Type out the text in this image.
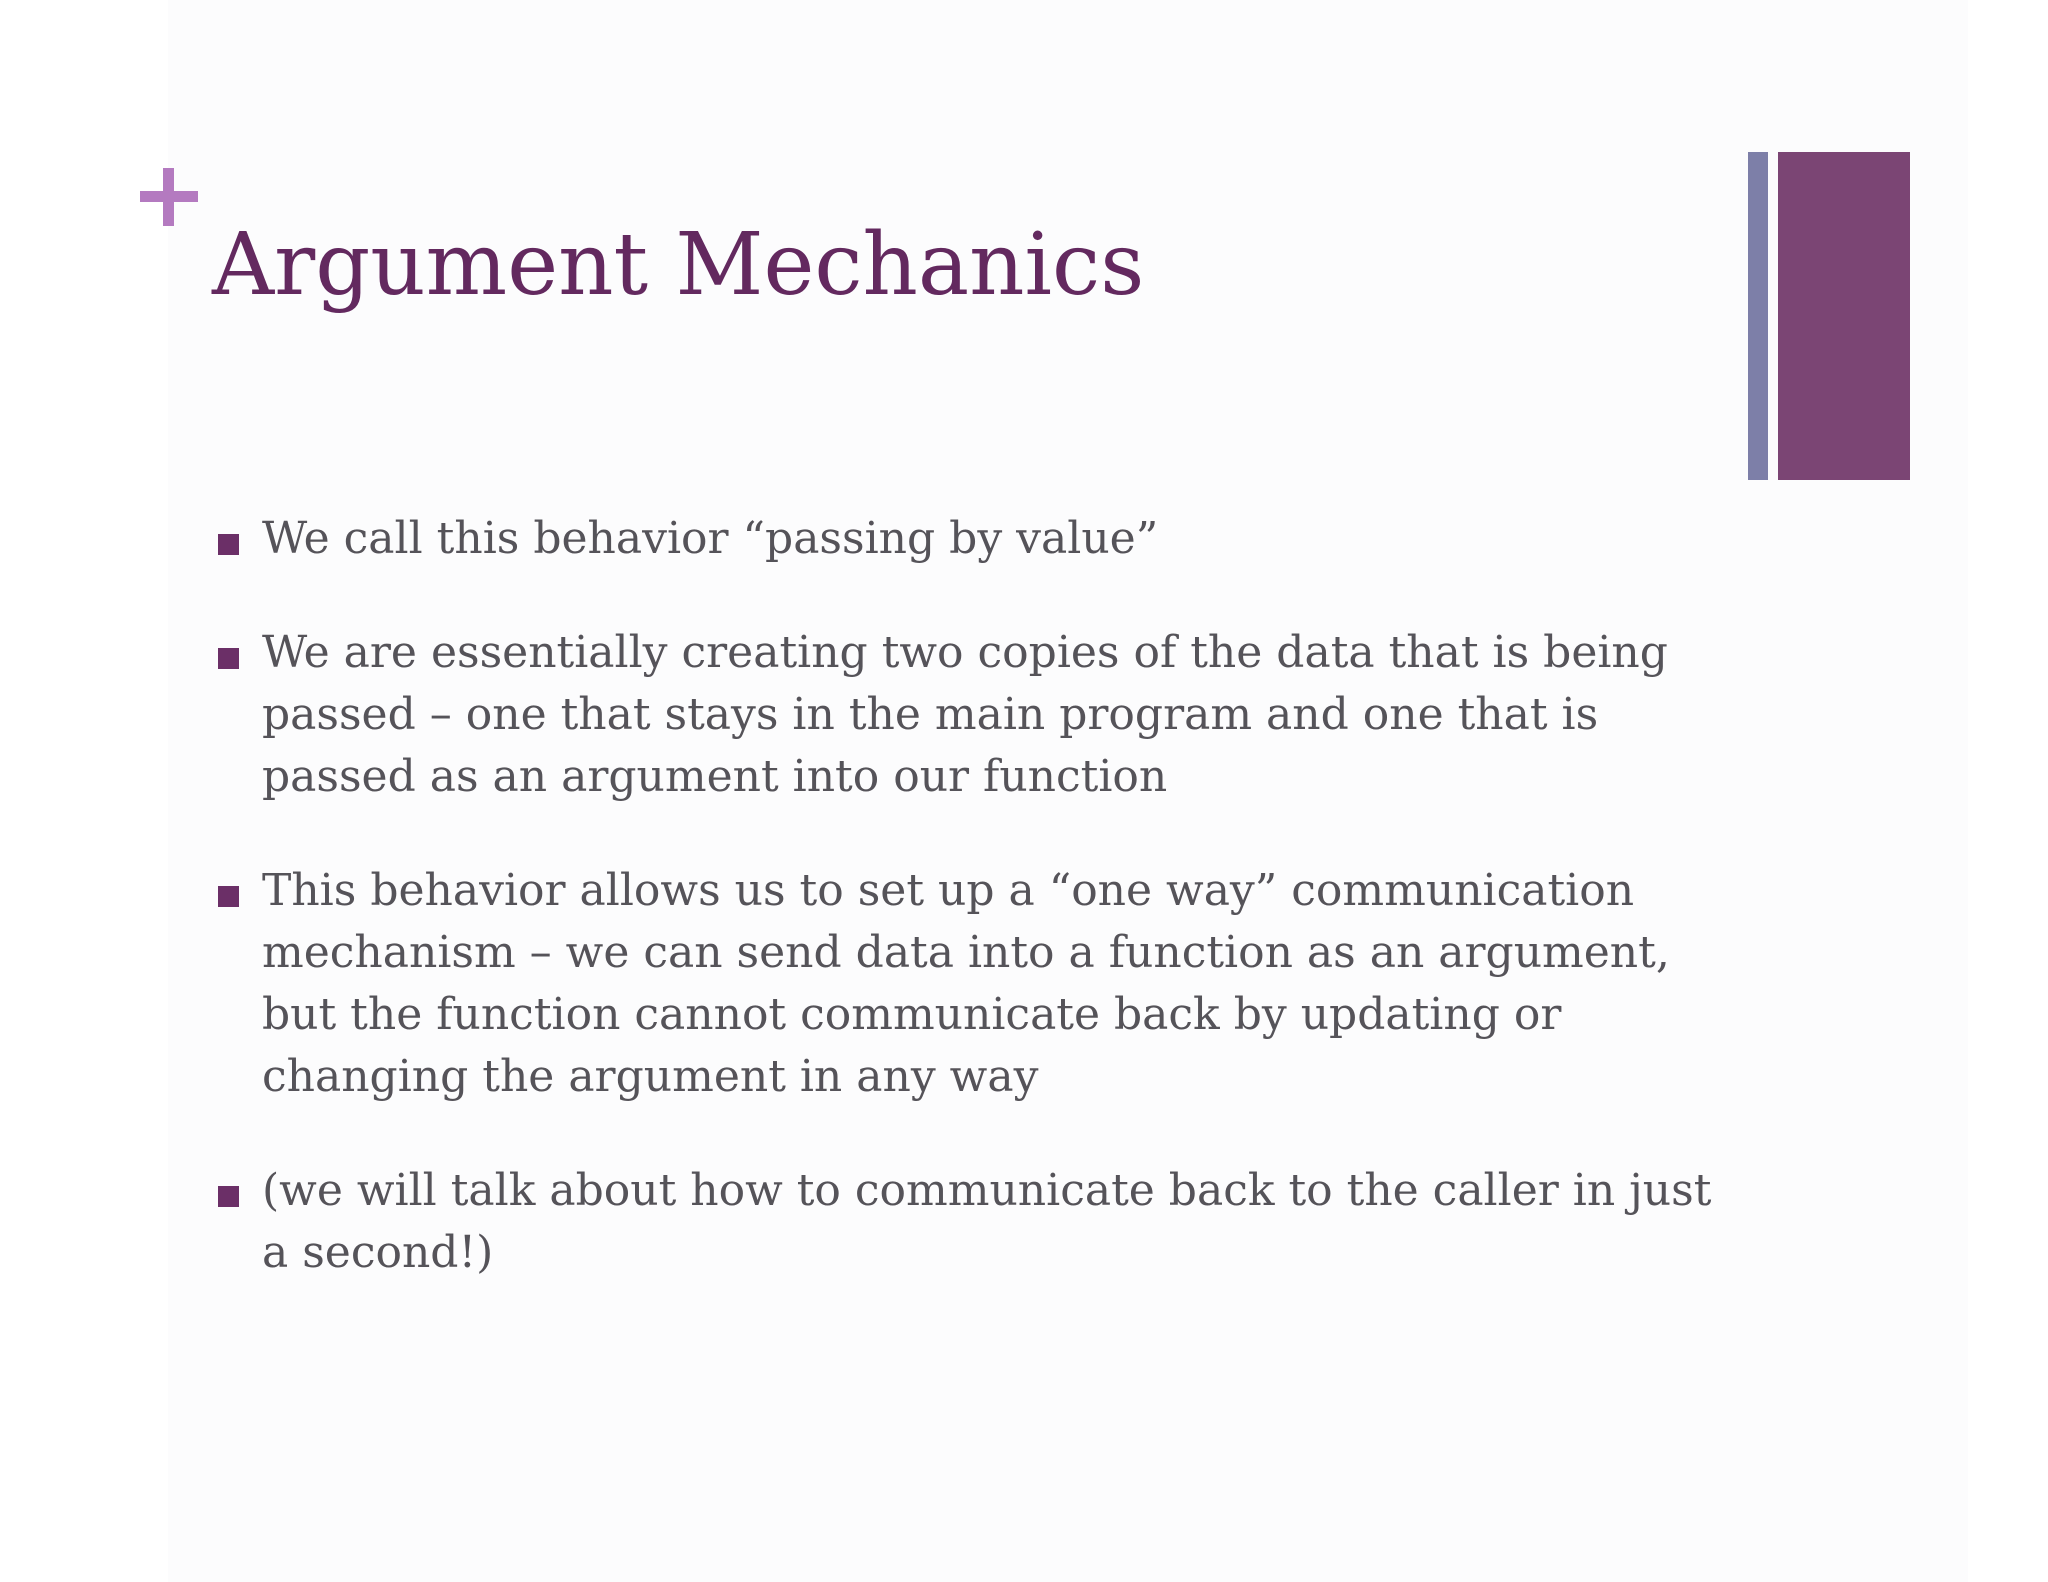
Argument Mechanics
We call this behavior “passing by value”
We are essentially creating two copies of the data that is being passed – one that stays in the main program and one that is passed as an argument into our function
This behavior allows us to set up a “one way” communication mechanism – we can send data into a function as an argument, but the function cannot communicate back by updating or changing the argument in any way
(we will talk about how to communicate back to the caller in just a second!)
